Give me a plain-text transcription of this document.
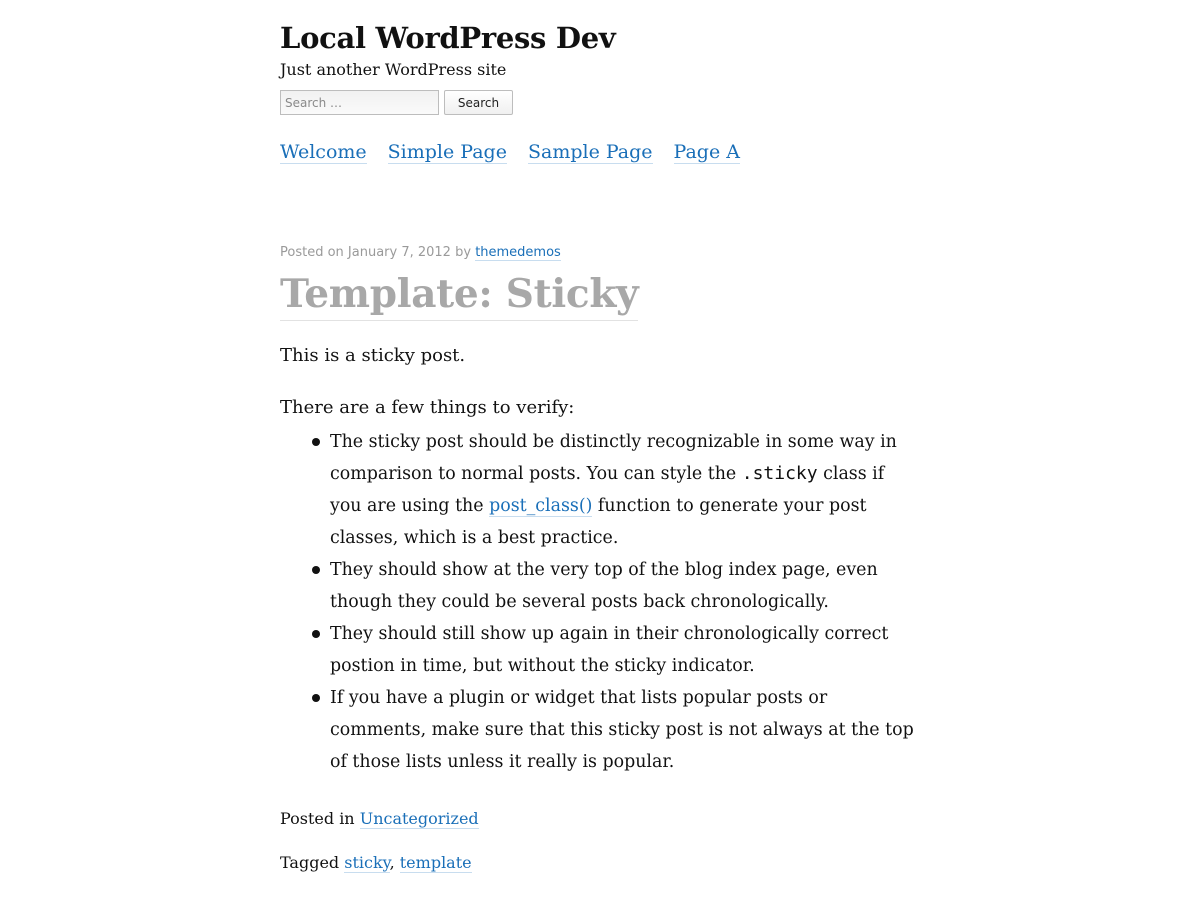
Local WordPress Dev
Just another WordPress site
Search …
Search
Welcome Simple Page Sample Page Page A
Posted on January 7, 2012 by themedemos
Template: Sticky

This is a sticky post.

There are a few things to verify:

The sticky post should be distinctly recognizable in some way in comparison to normal posts. You can style the .sticky class if you are using the post_class() function to generate your post classes, which is a best practice.
They should show at the very top of the blog index page, even though they could be several posts back chronologically.
They should still show up again in their chronologically correct postion in time, but without the sticky indicator.
If you have a plugin or widget that lists popular posts or comments, make sure that this sticky post is not always at the top of those lists unless it really is popular.
Posted in Uncategorized
Tagged sticky, template
